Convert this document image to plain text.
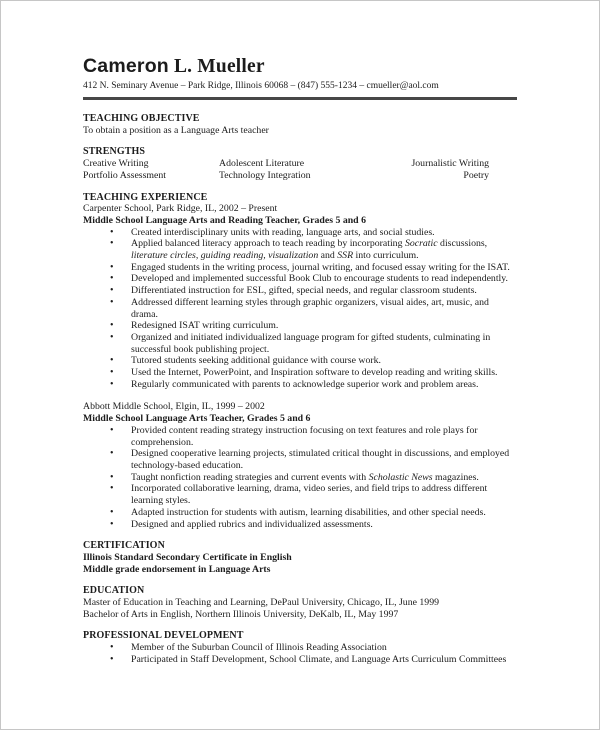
Cameron L. Mueller
412 N. Seminary Avenue – Park Ridge, Illinois 60068 – (847) 555-1234 – cmueller@aol.com
TEACHING OBJECTIVE

To obtain a position as a Language Arts teacher

STRENGTHS
Creative Writing
Portfolio Assessment
Adolescent Literature
Technology Integration
Journalistic Writing
Poetry
TEACHING EXPERIENCE
Carpenter School, Park Ridge, IL, 2002 – Present
Middle School Language Arts and Reading Teacher, Grades 5 and 6
• Created interdisciplinary units with reading, language arts, and social studies.
• Applied balanced literacy approach to teach reading by incorporating Socratic discussions, literature circles, guiding reading, visualization and SSR into curriculum.
• Engaged students in the writing process, journal writing, and focused essay writing for the ISAT.
• Developed and implemented successful Book Club to encourage students to read independently.
• Differentiated instruction for ESL, gifted, special needs, and regular classroom students.
• Addressed different learning styles through graphic organizers, visual aides, art, music, and drama.
• Redesigned ISAT writing curriculum.
• Organized and initiated individualized language program for gifted students, culminating in successful book publishing project.
• Tutored students seeking additional guidance with course work.
• Used the Internet, PowerPoint, and Inspiration software to develop reading and writing skills.
• Regularly communicated with parents to acknowledge superior work and problem areas.
Abbott Middle School, Elgin, IL, 1999 – 2002
Middle School Language Arts Teacher, Grades 5 and 6
• Provided content reading strategy instruction focusing on text features and role plays for comprehension.
• Designed cooperative learning projects, stimulated critical thought in discussions, and employed technology-based education.
• Taught nonfiction reading strategies and current events with Scholastic News magazines.
• Incorporated collaborative learning, drama, video series, and field trips to address different learning styles.
• Adapted instruction for students with autism, learning disabilities, and other special needs.
• Designed and applied rubrics and individualized assessments.
CERTIFICATION
Illinois Standard Secondary Certificate in English
Middle grade endorsement in Language Arts
EDUCATION
Master of Education in Teaching and Learning, DePaul University, Chicago, IL, June 1999
Bachelor of Arts in English, Northern Illinois University, DeKalb, IL, May 1997
PROFESSIONAL DEVELOPMENT
• Member of the Suburban Council of Illinois Reading Association
• Participated in Staff Development, School Climate, and Language Arts Curriculum Committees
